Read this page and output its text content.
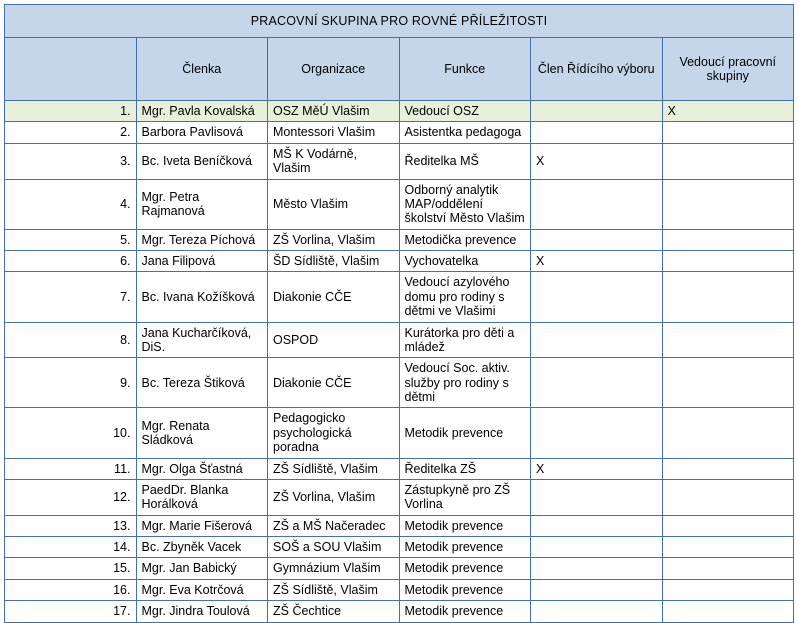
PRACOVNÍ SKUPINA PRO ROVNÉ PŘÍLEŽITOSTI					
	Členka	Organizace	Funkce	Člen Řídícího výboru	Vedoucí pracovní skupiny
1.	Mgr. Pavla Kovalská	OSZ MěÚ Vlašim	Vedoucí OSZ		X
2.	Barbora Pavlisová	Montessori Vlašim	Asistentka pedagoga		
3.	Bc. Iveta Beníčková	MŠ K Vodárně, Vlašim	Ředitelka MŠ	X	
4.	Mgr. Petra Rajmanová	Město Vlašim	Odborný analytik MAP/oddělení školství Město Vlašim		
5.	Mgr. Tereza Píchová	ZŠ Vorlina, Vlašim	Metodička prevence		
6.	Jana Filipová	ŠD Sídliště, Vlašim	Vychovatelka	X	
7.	Bc. Ivana Kožíšková	Diakonie CČE	Vedoucí azylového domu pro rodiny s dětmi ve Vlašimi		
8.	Jana Kucharčíková, DiS.	OSPOD	Kurátorka pro děti a mládež		
9.	Bc. Tereza Štiková	Diakonie CČE	Vedoucí Soc. aktiv. služby pro rodiny s dětmi		
10.	Mgr. Renata Sládková	Pedagogicko psychologická poradna	Metodik prevence		
11.	Mgr. Olga Šťastná	ZŠ Sídliště, Vlašim	Ředitelka ZŠ	X	
12.	PaedDr. Blanka Horálková	ZŠ Vorlina, Vlašim	Zástupkyně pro ZŠ Vorlina		
13.	Mgr. Marie Fišerová	ZŠ a MŠ Načeradec	Metodik prevence		
14.	Bc. Zbyněk Vacek	SOŠ a SOU Vlašim	Metodik prevence		
15.	Mgr. Jan Babický	Gymnázium Vlašim	Metodik prevence		
16.	Mgr. Eva Kotrčová	ZŠ Sídliště, Vlašim	Metodik prevence		
17.	Mgr. Jindra Toulová	ZŠ Čechtice	Metodik prevence		
